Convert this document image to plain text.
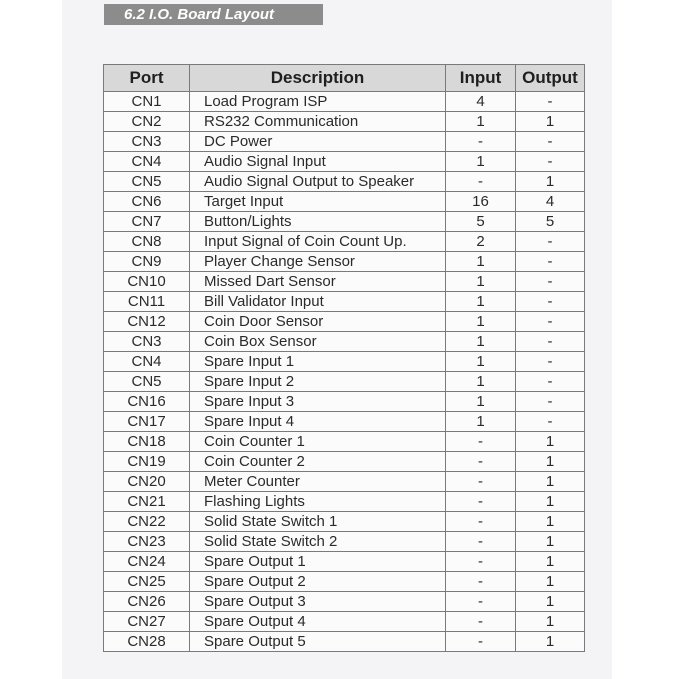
6.2 I.O. Board Layout
Port	Description	Input	Output
CN1	Load Program ISP	4	-
CN2	RS232 Communication	1	1
CN3	DC Power	-	-
CN4	Audio Signal Input	1	-
CN5	Audio Signal Output to Speaker	-	1
CN6	Target Input	16	4
CN7	Button/Lights	5	5
CN8	Input Signal of Coin Count Up.	2	-
CN9	Player Change Sensor	1	-
CN10	Missed Dart Sensor	1	-
CN11	Bill Validator Input	1	-
CN12	Coin Door Sensor	1	-
CN3	Coin Box Sensor	1	-
CN4	Spare Input 1	1	-
CN5	Spare Input 2	1	-
CN16	Spare Input 3	1	-
CN17	Spare Input 4	1	-
CN18	Coin Counter 1	-	1
CN19	Coin Counter 2	-	1
CN20	Meter Counter	-	1
CN21	Flashing Lights	-	1
CN22	Solid State Switch 1	-	1
CN23	Solid State Switch 2	-	1
CN24	Spare Output 1	-	1
CN25	Spare Output 2	-	1
CN26	Spare Output 3	-	1
CN27	Spare Output 4	-	1
CN28	Spare Output 5	-	1
